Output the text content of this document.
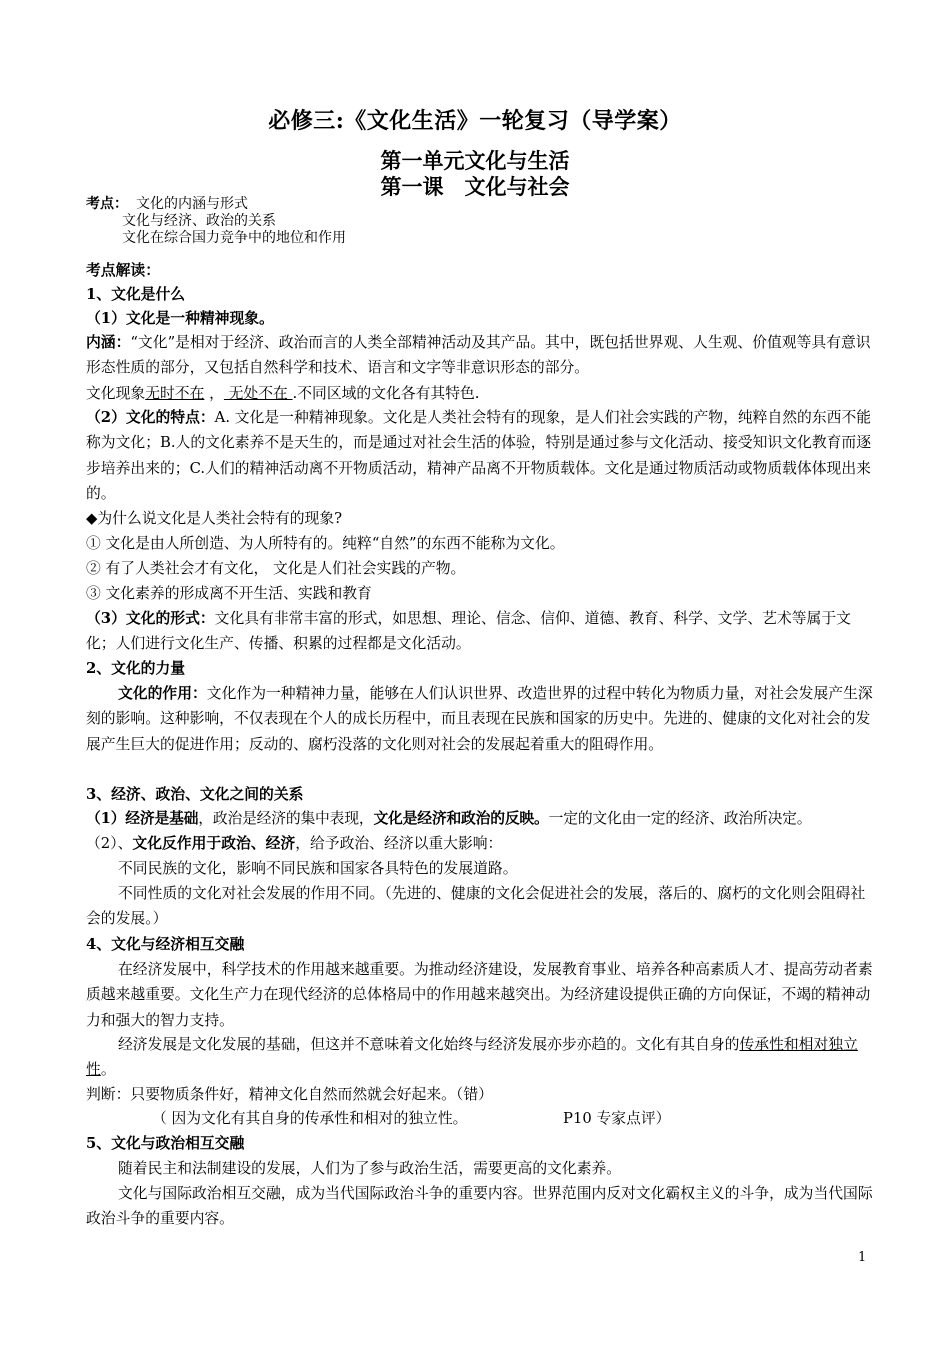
必修三:《文化生活》一轮复习（导学案）
第一单元文化与生活
第一课　文化与社会
考点： 文化的内涵与形式
文化与经济、政治的关系
文化在综合国力竞争中的地位和作用
考点解读：
1、文化是什么
（1）文化是一种精神现象。
内涵：“文化”是相对于经济、政治而言的人类全部精神活动及其产品。其中，既包括世界观、人生观、价值观等具有意识形态性质的部分，又包括自然科学和技术、语言和文字等非意识形态的部分。
文化现象无时不在 ， 无处不在 .不同区域的文化各有其特色.
（2）文化的特点：A. 文化是一种精神现象。文化是人类社会特有的现象，是人们社会实践的产物，纯粹自然的东西不能称为文化；B.人的文化素养不是天生的，而是通过对社会生活的体验，特别是通过参与文化活动、接受知识文化教育而逐步培养出来的；C.人们的精神活动离不开物质活动，精神产品离不开物质载体。文化是通过物质活动或物质载体体现出来的。
◆为什么说文化是人类社会特有的现象?
① 文化是由人所创造、为人所特有的。纯粹“自然”的东西不能称为文化。
② 有了人类社会才有文化， 文化是人们社会实践的产物。
③ 文化素养的形成离不开生活、实践和教育
（3）文化的形式：文化具有非常丰富的形式，如思想、理论、信念、信仰、道德、教育、科学、文学、艺术等属于文化；人们进行文化生产、传播、积累的过程都是文化活动。
2、文化的力量
文化的作用：文化作为一种精神力量，能够在人们认识世界、改造世界的过程中转化为物质力量，对社会发展产生深刻的影响。这种影响，不仅表现在个人的成长历程中，而且表现在民族和国家的历史中。先进的、健康的文化对社会的发展产生巨大的促进作用；反动的、腐朽没落的文化则对社会的发展起着重大的阻碍作用。
3、经济、政治、文化之间的关系
（1）经济是基础，政治是经济的集中表现，文化是经济和政治的反映。一定的文化由一定的经济、政治所决定。
（2）、文化反作用于政治、经济，给予政治、经济以重大影响：
不同民族的文化，影响不同民族和国家各具特色的发展道路。
不同性质的文化对社会发展的作用不同。（先进的、健康的文化会促进社会的发展，落后的、腐朽的文化则会阻碍社会的发展。）
4、文化与经济相互交融
在经济发展中，科学技术的作用越来越重要。为推动经济建设，发展教育事业、培养各种高素质人才、提高劳动者素质越来越重要。文化生产力在现代经济的总体格局中的作用越来越突出。为经济建设提供正确的方向保证，不竭的精神动力和强大的智力支持。
经济发展是文化发展的基础，但这并不意味着文化始终与经济发展亦步亦趋的。文化有其自身的传承性和相对独立性。
判断：只要物质条件好，精神文化自然而然就会好起来。（错）
（ 因为文化有其自身的传承性和相对的独立性。	P10 专家点评）
5、文化与政治相互交融
随着民主和法制建设的发展，人们为了参与政治生活，需要更高的文化素养。
文化与国际政治相互交融，成为当代国际政治斗争的重要内容。世界范围内反对文化霸权主义的斗争，成为当代国际政治斗争的重要内容。
1
